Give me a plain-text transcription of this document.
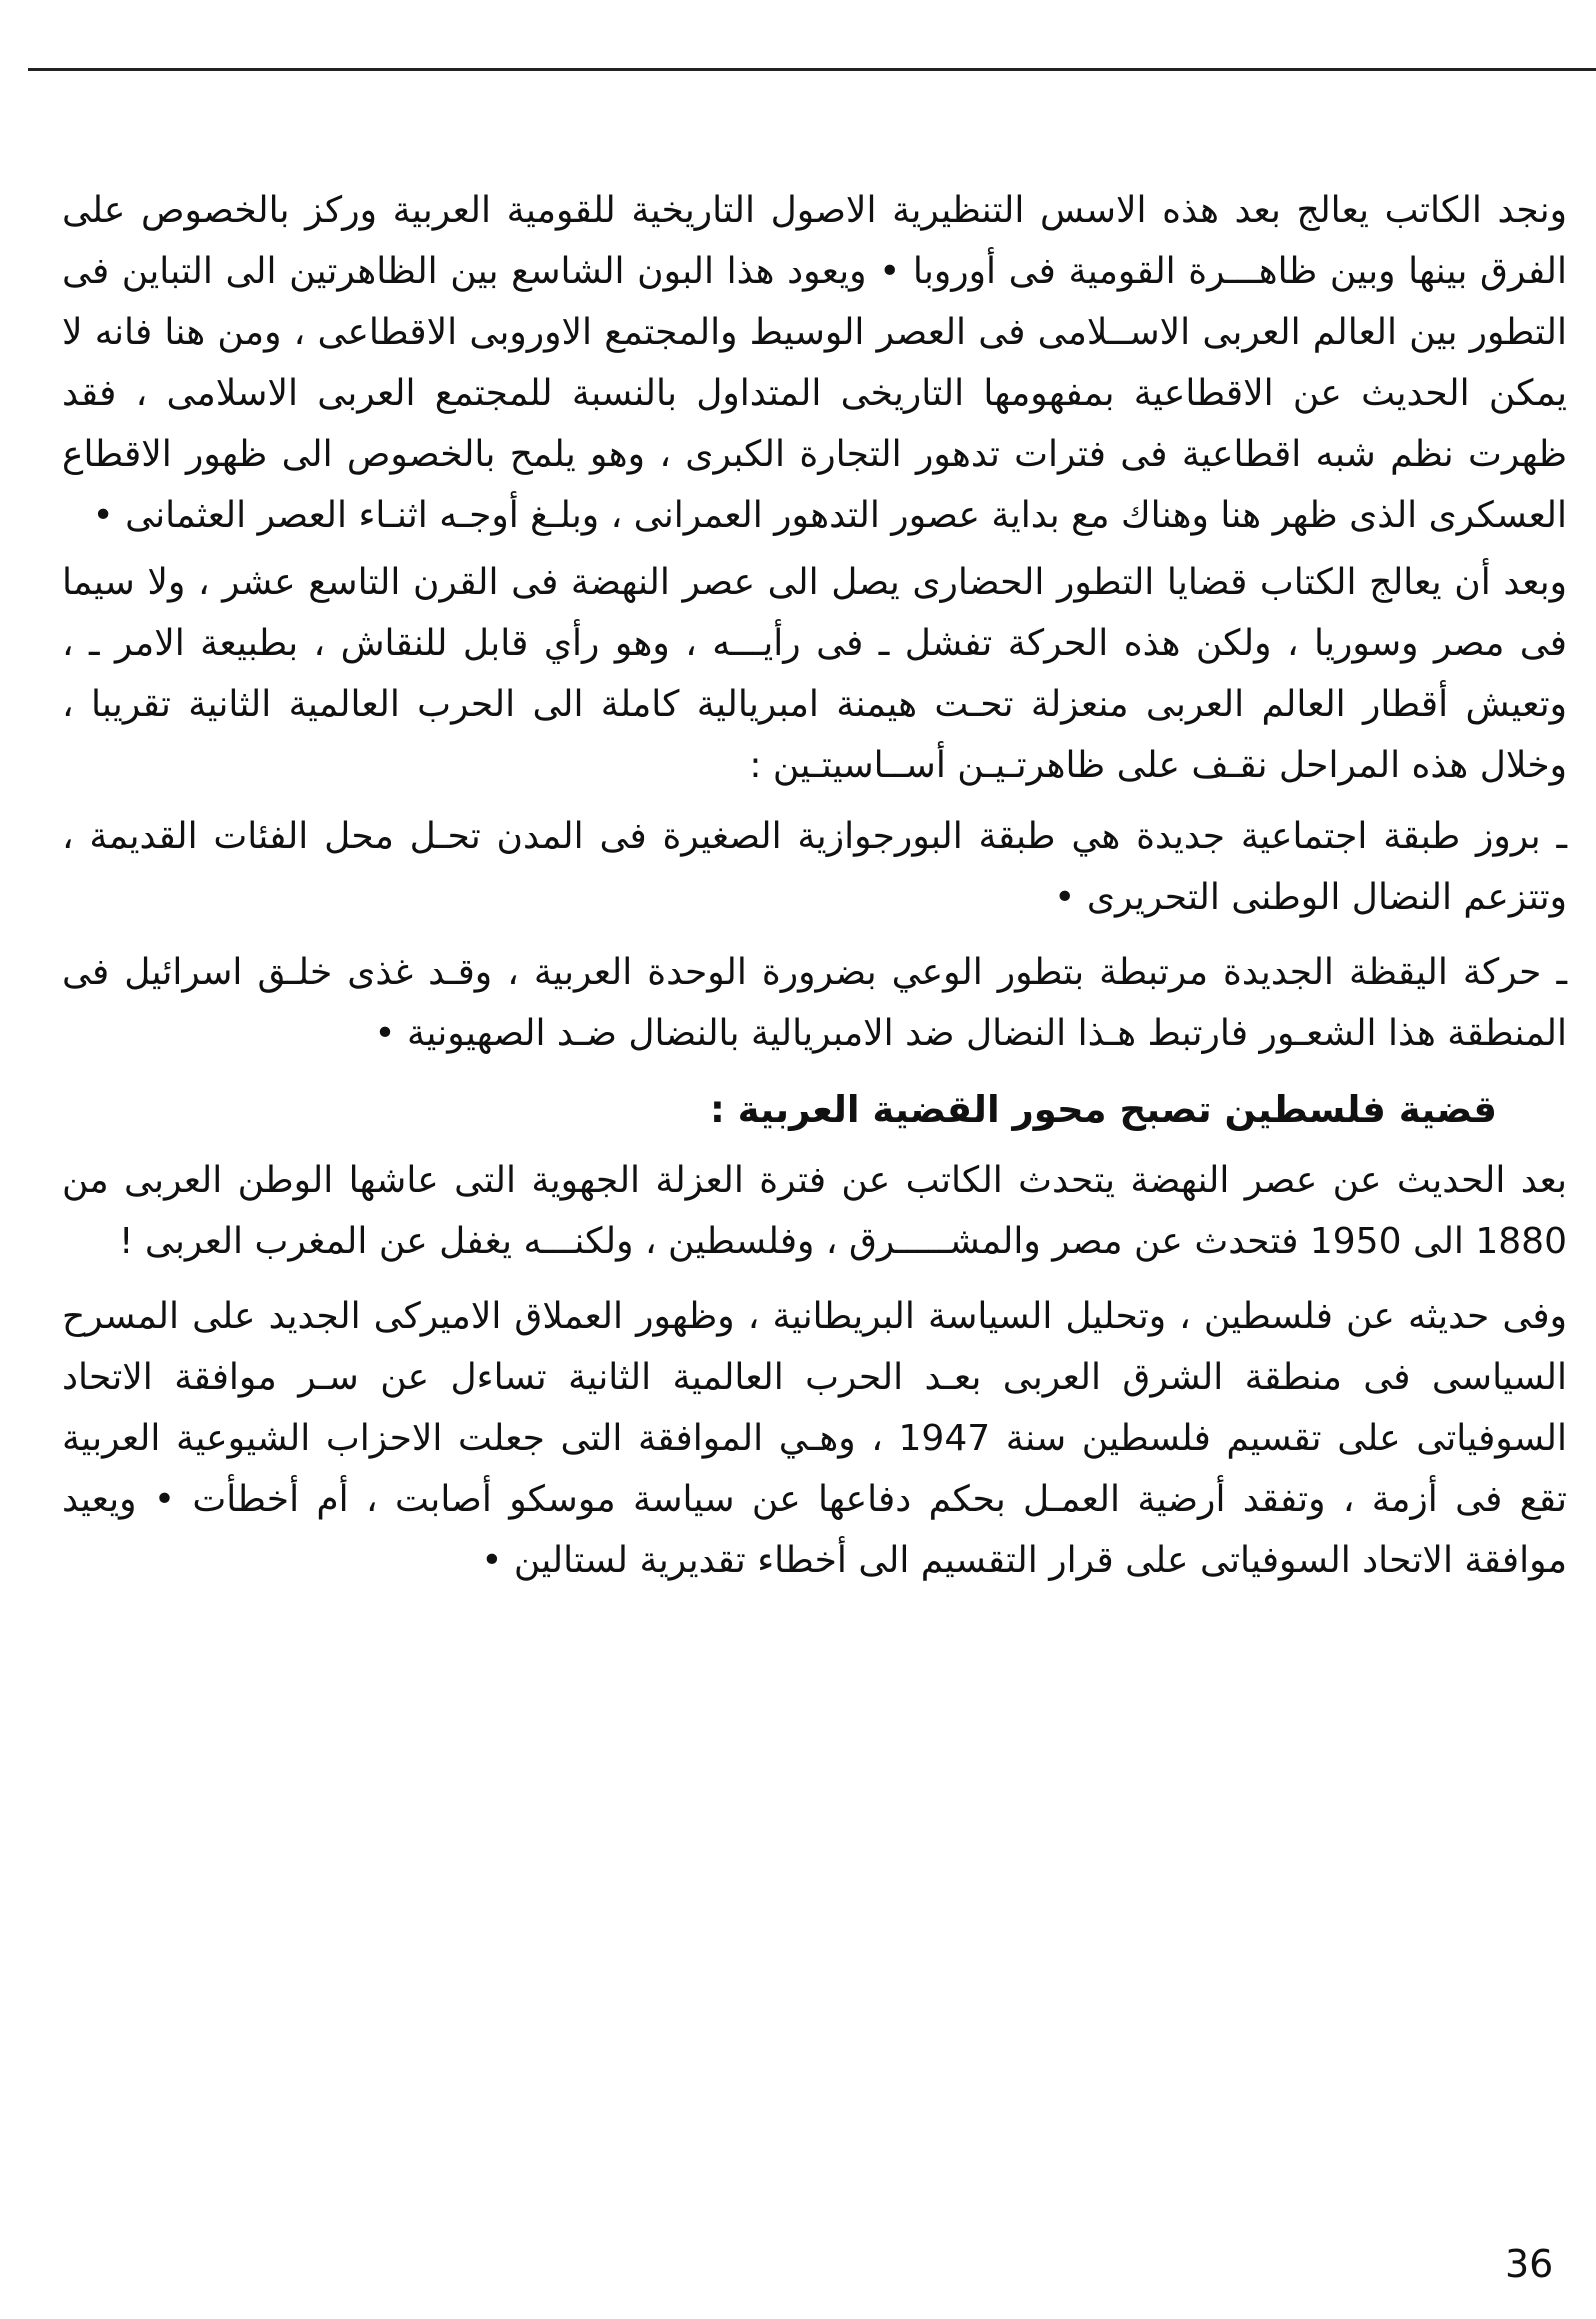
ونجد الكاتب يعالج بعد هذه الاسس التنظيرية الاصول التاريخية للقومية العربية وركز بالخصوص على الفرق بينها وبين ظاهـــرة القومية فى أوروبا • ويعود هذا البون الشاسع بين الظاهرتين الى التباين فى التطور بين العالم العربى الاســلامى فى العصر الوسيط والمجتمع الاوروبى الاقطاعى ، ومن هنا فانه لا يمكن الحديث عن الاقطاعية بمفهومها التاريخى المتداول بالنسبة للمجتمع العربى الاسلامى ، فقد ظهرت نظم شبه اقطاعية فى فترات تدهور التجارة الكبرى ، وهو يلمح بالخصوص الى ظهور الاقطاع العسكرى الذى ظهر هنا وهناك مع بداية عصور التدهور العمرانى ، وبلـغ أوجـه اثنـاء العصر العثمانى •

وبعد أن يعالج الكتاب قضايا التطور الحضارى يصل الى عصر النهضة فى القرن التاسع عشر ، ولا سيما فى مصر وسوريا ، ولكن هذه الحركة تفشل ـ فى رأيـــه ، وهو رأي قابل للنقاش ، بطبيعة الامر ـ ، وتعيش أقطار العالم العربى منعزلة تحـت هيمنة امبريالية كاملة الى الحرب العالمية الثانية تقريبا ، وخلال هذه المراحل نقـف على ظاهرتـيـن أســاسيتـين :

ـ بروز طبقة اجتماعية جديدة هي طبقة البورجوازية الصغيرة فى المدن تحـل محل الفئات القديمة ، وتتزعم النضال الوطنى التحريرى •

ـ حركة اليقظة الجديدة مرتبطة بتطور الوعي بضرورة الوحدة العربية ، وقـد غذى خلـق اسرائيل فى المنطقة هذا الشعـور فارتبط هـذا النضال ضد الامبريالية بالنضال ضـد الصهيونية •

قضية فلسطين تصبح محور القضية العربية :

بعد الحديث عن عصر النهضة يتحدث الكاتب عن فترة العزلة الجهوية التى عاشها الوطن العربى من 1880 الى 1950 فتحدث عن مصر والمشـــــرق ، وفلسطين ، ولكنـــه يغفل عن المغرب العربى !

وفى حديثه عن فلسطين ، وتحليل السياسة البريطانية ، وظهور العملاق الاميركى الجديد على المسرح السياسى فى منطقة الشرق العربى بعـد الحرب العالمية الثانية تساءل عن سـر موافقة الاتحاد السوفياتى على تقسيم فلسطين سنة 1947 ، وهـي الموافقة التى جعلت الاحزاب الشيوعية العربية تقع فى أزمة ، وتفقد أرضية العمـل بحكم دفاعها عن سياسة موسكو أصابت ، أم أخطأت • ويعيد موافقة الاتحاد السوفياتى على قرار التقسيم الى أخطاء تقديرية لستالين •

36
